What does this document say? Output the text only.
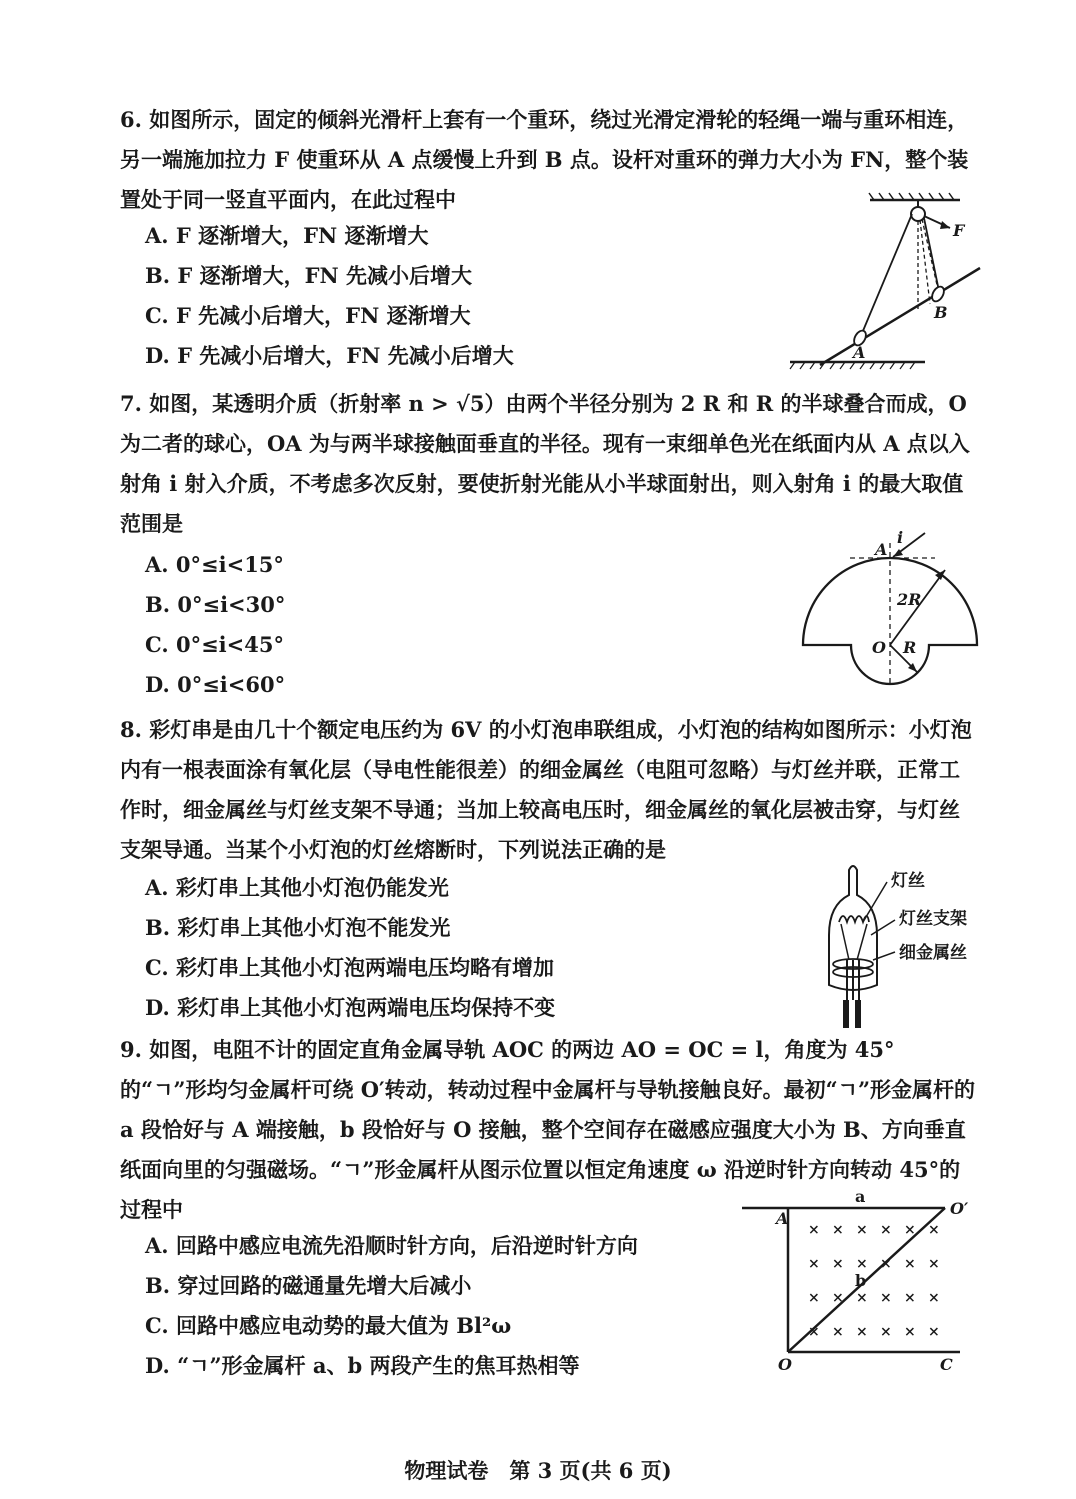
6. 如图所示，固定的倾斜光滑杆上套有一个重环，绕过光滑定滑轮的轻绳一端与重环相连，另一端施加拉力 F 使重环从 A 点缓慢上升到 B 点。设杆对重环的弹力大小为 FN，整个装置处于同一竖直平面内，在此过程中

A. F 逐渐增大，FN 逐渐增大
B. F 逐渐增大，FN 先减小后增大
C. F 先减小后增大，FN 逐渐增大
D. F 先减小后增大，FN 先减小后增大
F
A
B

7. 如图，某透明介质（折射率 n > √5）由两个半径分别为 2 R 和 R 的半球叠合而成，O 为二者的球心，OA 为与两半球接触面垂直的半径。现有一束细单色光在纸面内从 A 点以入射角 i 射入介质，不考虑多次反射，要使折射光能从小半球面射出，则入射角 i 的最大取值范围是

A. 0°≤i<15°
B. 0°≤i<30°
C. 0°≤i<45°
D. 0°≤i<60°
A
i
2R
O R

8. 彩灯串是由几十个额定电压约为 6V 的小灯泡串联组成，小灯泡的结构如图所示：小灯泡内有一根表面涂有氧化层（导电性能很差）的细金属丝（电阻可忽略）与灯丝并联，正常工作时，细金属丝与灯丝支架不导通；当加上较高电压时，细金属丝的氧化层被击穿，与灯丝支架导通。当某个小灯泡的灯丝熔断时，下列说法正确的是

A. 彩灯串上其他小灯泡仍能发光
B. 彩灯串上其他小灯泡不能发光
C. 彩灯串上其他小灯泡两端电压均略有增加
D. 彩灯串上其他小灯泡两端电压均保持不变
灯丝
灯丝支架
细金属丝

9. 如图，电阻不计的固定直角金属导轨 AOC 的两边 AO = OC = l，角度为 45°的“ㄱ”形均匀金属杆可绕 O′转动，转动过程中金属杆与导轨接触良好。最初“ㄱ”形金属杆的 a 段恰好与 A 端接触，b 段恰好与 O 接触，整个空间存在磁感应强度大小为 B、方向垂直纸面向里的匀强磁场。“ㄱ”形金属杆从图示位置以恒定角速度 ω 沿逆时针方向转动 45°的过程中

A. 回路中感应电流先沿顺时针方向，后沿逆时针方向
B. 穿过回路的磁通量先增大后减小
C. 回路中感应电动势的最大值为 Bl²ω
D. “ㄱ”形金属杆 a、b 两段产生的焦耳热相等
× × × × × ×
× × × × × ×
× × × × × ×
× × × × × ×
a
A
O′
b
O	C
物理试卷　第 3 页(共 6 页)
